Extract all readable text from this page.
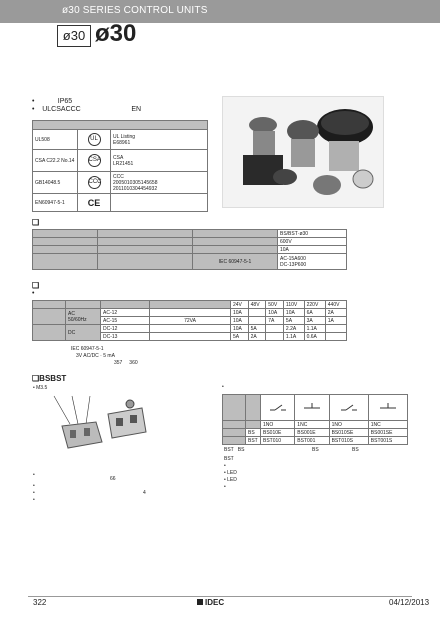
ø30 SERIES CONTROL UNITS
ø30 ø30
•            IP65
•    ULCSACCC	EN

UL508	UL	UL Listing
E68961

CSA C22.2 No.14	CSA	CSA
LR21451

GB14048.5	CCC	CCC
2005010305145658
2011010304454932

EN60947-5-1	CE	
❑
			BS/BST·ø30
			600V
			10A
		IEC 60947-5-1	AC-15A600
DC-13P600
❑
•
				24V	48V	50V	110V	220V	440V

	AC
50/60Hz	AC-12		10A		10A	10A	6A	2A
		AC-15	72VA	10A		7A	5A	3A	1A
	DC	DC-12		10A	5A		2.2A	1.1A	
		DC-13		5A	2A		1.1A	0.6A	
IEC 60947-5-1
3V AC/DC · 5 mA
357     360
❑BSBST
• M3.5
•
66
•
•	4
•
•

		1NO	1NC	1NO	1NC
	BS	BS010E	BS001E	BS010SE	BS001SE
	BST	BST010	BST001	BST010S	BST001S
BST   BS	BS	BS
BST
•
• LED
• LED
•
322	IDEC	04/12/2013
